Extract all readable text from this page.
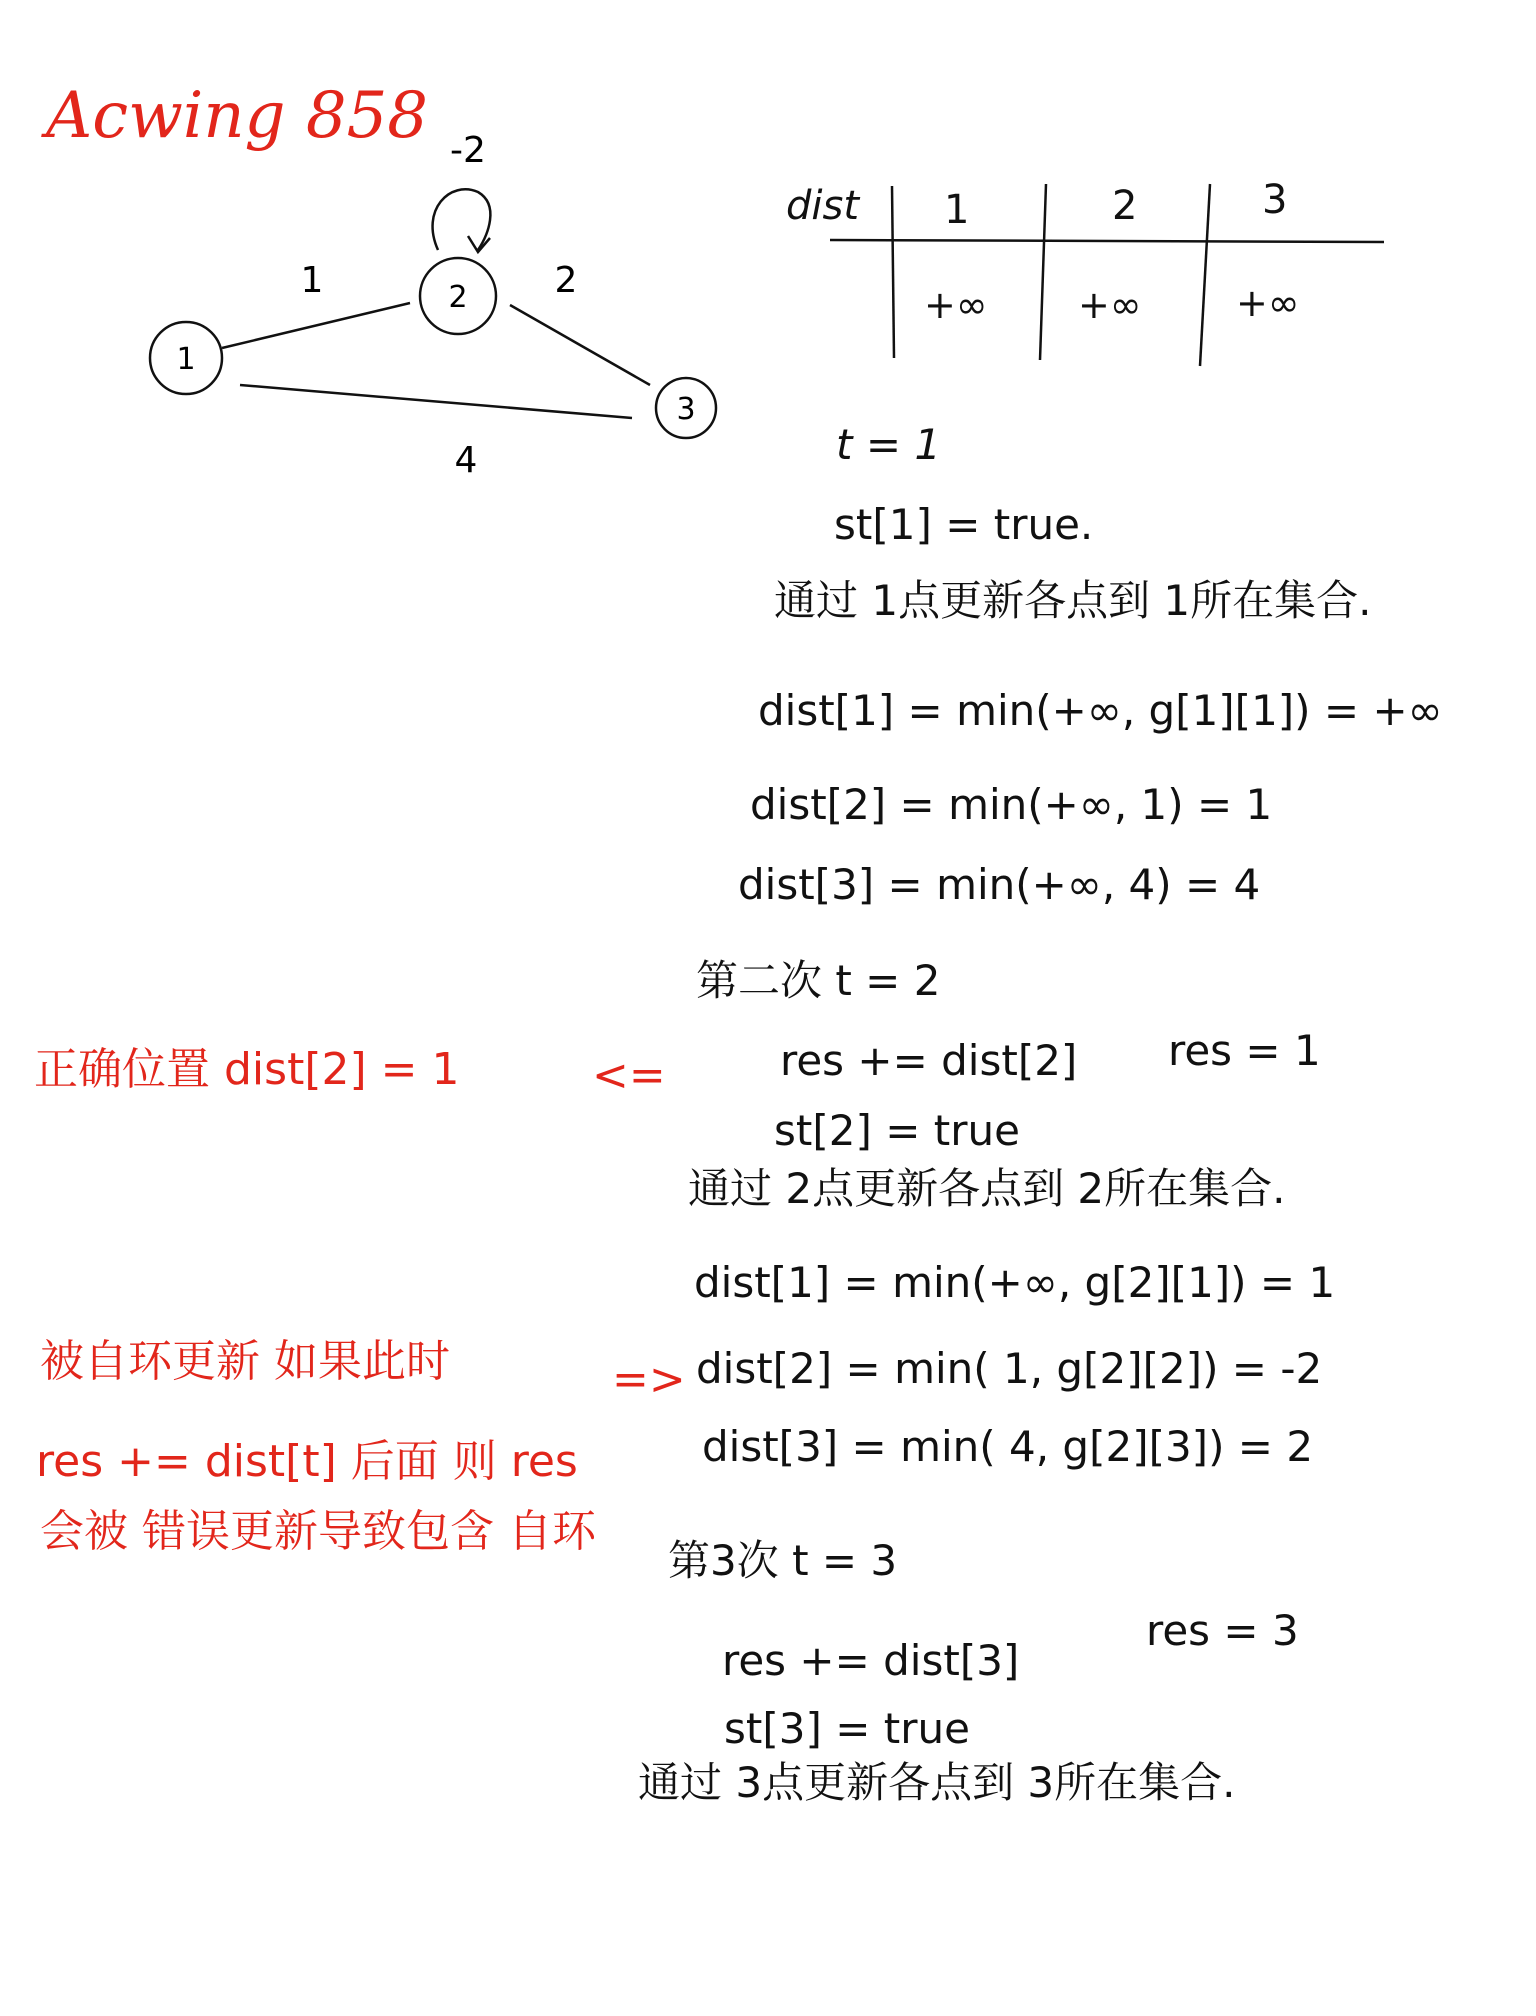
Acwing 858
1
2
3
1	2
4
-2
dist 1	2	3
+∞ +∞ +∞
t = 1
st[1] = true.
通过 1点更新各点到 1所在集合.
dist[1] = min(+∞, g[1][1]) = +∞
dist[2] = min(+∞, 1) = 1
dist[3] = min(+∞, 4) = 4
第二次 t = 2
res += dist[2] res = 1
st[2] = true
通过 2点更新各点到 2所在集合.
dist[1] = min(+∞, g[2][1]) = 1
dist[2] = min( 1, g[2][2]) = -2
dist[3] = min( 4, g[2][3]) = 2
第3次 t = 3
res += dist[3]
res = 3
st[3] = true
通过 3点更新各点到 3所在集合.
正确位置 dist[2] = 1	<=
被自环更新 如果此时	=>
res += dist[t] 后面 则 res
会被 错误更新导致包含 自环
